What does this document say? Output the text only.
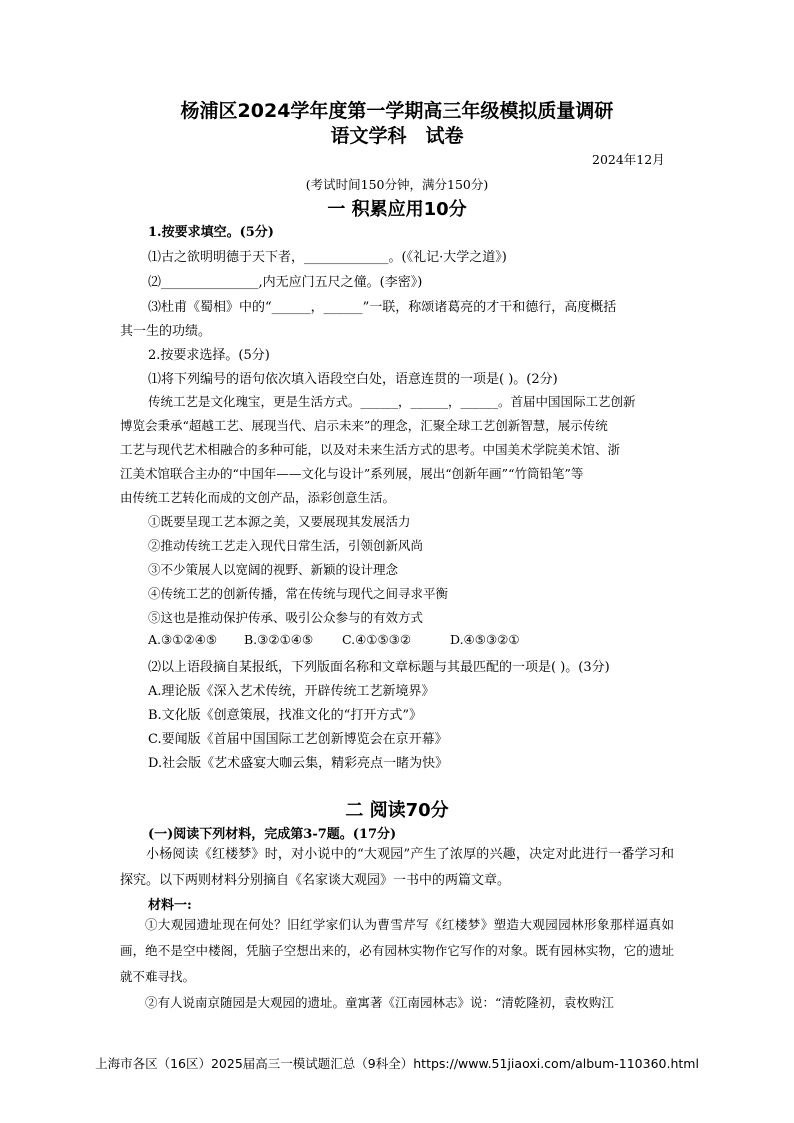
杨浦区2024学年度第一学期高三年级模拟质量调研
语文学科　试卷
2024年12月
(考试时间150分钟，满分150分)
一 积累应用10分
1.按要求填空。(5分)
⑴古之欲明明德于天下者，_____________。(《礼记·大学之道》)
⑵_______________,内无应门五尺之僮。(李密》)
⑶杜甫《蜀相》中的“______，______”一联，称颂诸葛亮的才干和德行，高度概括
其一生的功绩。
2.按要求选择。(5分)
⑴将下列编号的语句依次填入语段空白处，语意连贯的一项是( )。(2分)
传统工艺是文化瑰宝，更是生活方式。______，______，______。首届中国国际工艺创新
博览会秉承“超越工艺、展现当代、启示未来”的理念，汇聚全球工艺创新智慧，展示传统
工艺与现代艺术相融合的多种可能，以及对未来生活方式的思考。中国美术学院美术馆、浙
江美术馆联合主办的“中国年——文化与设计”系列展，展出“创新年画”“竹筒铅笔”等
由传统工艺转化而成的文创产品，添彩创意生活。
①既要呈现工艺本源之美，又要展现其发展活力
②推动传统工艺走入现代日常生活，引领创新风尚
③不少策展人以宽阔的视野、新颖的设计理念
④传统工艺的创新传播，常在传统与现代之间寻求平衡
⑤这也是推动保护传承、吸引公众参与的有效方式
A.③①②④⑤ B.③②①④⑤ C.④①⑤③②	D.④⑤③②①
⑵以上语段摘自某报纸，下列版面名称和文章标题与其最匹配的一项是( )。(3分)
A.理论版《深入艺术传统，开辟传统工艺新境界》
B.文化版《创意策展，找准文化的“打开方式”》
C.要闻版《首届中国国际工艺创新博览会在京开幕》
D.社会版《艺术盛宴大咖云集，精彩亮点一睹为快》
二 阅读70分
(一)阅读下列材料，完成第3-7题。(17分)
小杨阅读《红楼梦》时，对小说中的“大观园”产生了浓厚的兴趣，决定对此进行一番学习和探究。以下两则材料分别摘自《名家谈大观园》一书中的两篇文章。
材料一:
①大观园遗址现在何处？旧红学家们认为曹雪芹写《红楼梦》塑造大观园园林形象那样逼真如画，绝不是空中楼阁，凭脑子空想出来的，必有园林实物作它写作的对象。既有园林实物，它的遗址就不难寻找。
②有人说南京随园是大观园的遗址。童寓著《江南园林志》说：“清乾隆初，袁枚购江
上海市各区（16区）2025届高三一模试题汇总（9科全）https://www.51jiaoxi.com/album-110360.html
